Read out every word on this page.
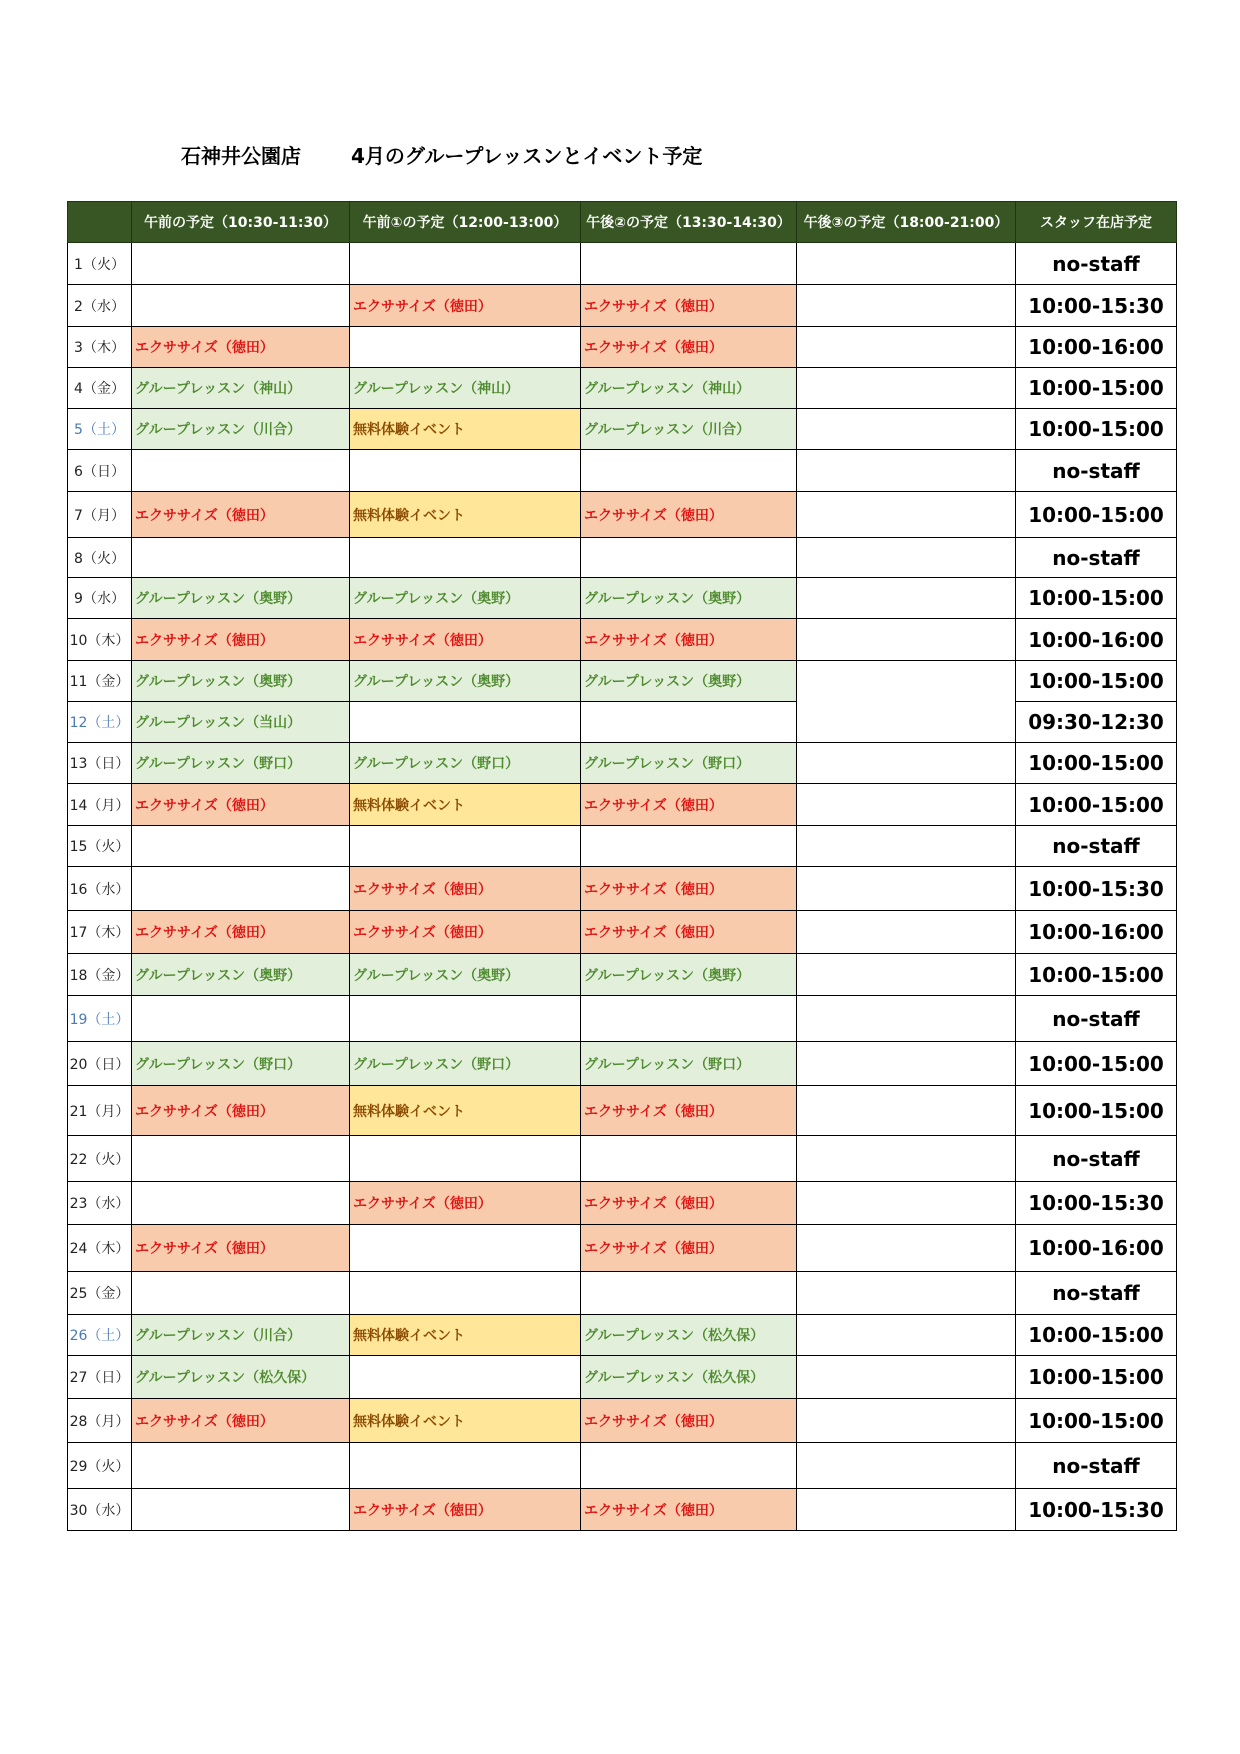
石神井公園店	4月のグループレッスンとイベント予定
	午前の予定（10:30-11:30）	午前①の予定（12:00-13:00）	午後②の予定（13:30-14:30）	午後③の予定（18:00-21:00）	スタッフ在店予定
1（火）					no-staff
2（水）		エクササイズ（徳田）	エクササイズ（徳田）		10:00-15:30
3（木）	エクササイズ（徳田）		エクササイズ（徳田）		10:00-16:00
4（金）	グループレッスン（神山）	グループレッスン（神山）	グループレッスン（神山）		10:00-15:00
5（土）	グループレッスン（川合）	無料体験イベント	グループレッスン（川合）		10:00-15:00
6（日）					no-staff
7（月）	エクササイズ（徳田）	無料体験イベント	エクササイズ（徳田）		10:00-15:00
8（火）					no-staff
9（水）	グループレッスン（奥野）	グループレッスン（奥野）	グループレッスン（奥野）		10:00-15:00
10（木）	エクササイズ（徳田）	エクササイズ（徳田）	エクササイズ（徳田）		10:00-16:00
11（金）	グループレッスン（奥野）	グループレッスン（奥野）	グループレッスン（奥野）		10:00-15:00
12（土）	グループレッスン（当山）				09:30-12:30
13（日）	グループレッスン（野口）	グループレッスン（野口）	グループレッスン（野口）		10:00-15:00
14（月）	エクササイズ（徳田）	無料体験イベント	エクササイズ（徳田）		10:00-15:00
15（火）					no-staff
16（水）		エクササイズ（徳田）	エクササイズ（徳田）		10:00-15:30
17（木）	エクササイズ（徳田）	エクササイズ（徳田）	エクササイズ（徳田）		10:00-16:00
18（金）	グループレッスン（奥野）	グループレッスン（奥野）	グループレッスン（奥野）		10:00-15:00
19（土）					no-staff
20（日）	グループレッスン（野口）	グループレッスン（野口）	グループレッスン（野口）		10:00-15:00
21（月）	エクササイズ（徳田）	無料体験イベント	エクササイズ（徳田）		10:00-15:00
22（火）					no-staff
23（水）		エクササイズ（徳田）	エクササイズ（徳田）		10:00-15:30
24（木）	エクササイズ（徳田）		エクササイズ（徳田）		10:00-16:00
25（金）					no-staff
26（土）	グループレッスン（川合）	無料体験イベント	グループレッスン（松久保）		10:00-15:00
27（日）	グループレッスン（松久保）		グループレッスン（松久保）		10:00-15:00
28（月）	エクササイズ（徳田）	無料体験イベント	エクササイズ（徳田）		10:00-15:00
29（火）					no-staff
30（水）		エクササイズ（徳田）	エクササイズ（徳田）		10:00-15:30
